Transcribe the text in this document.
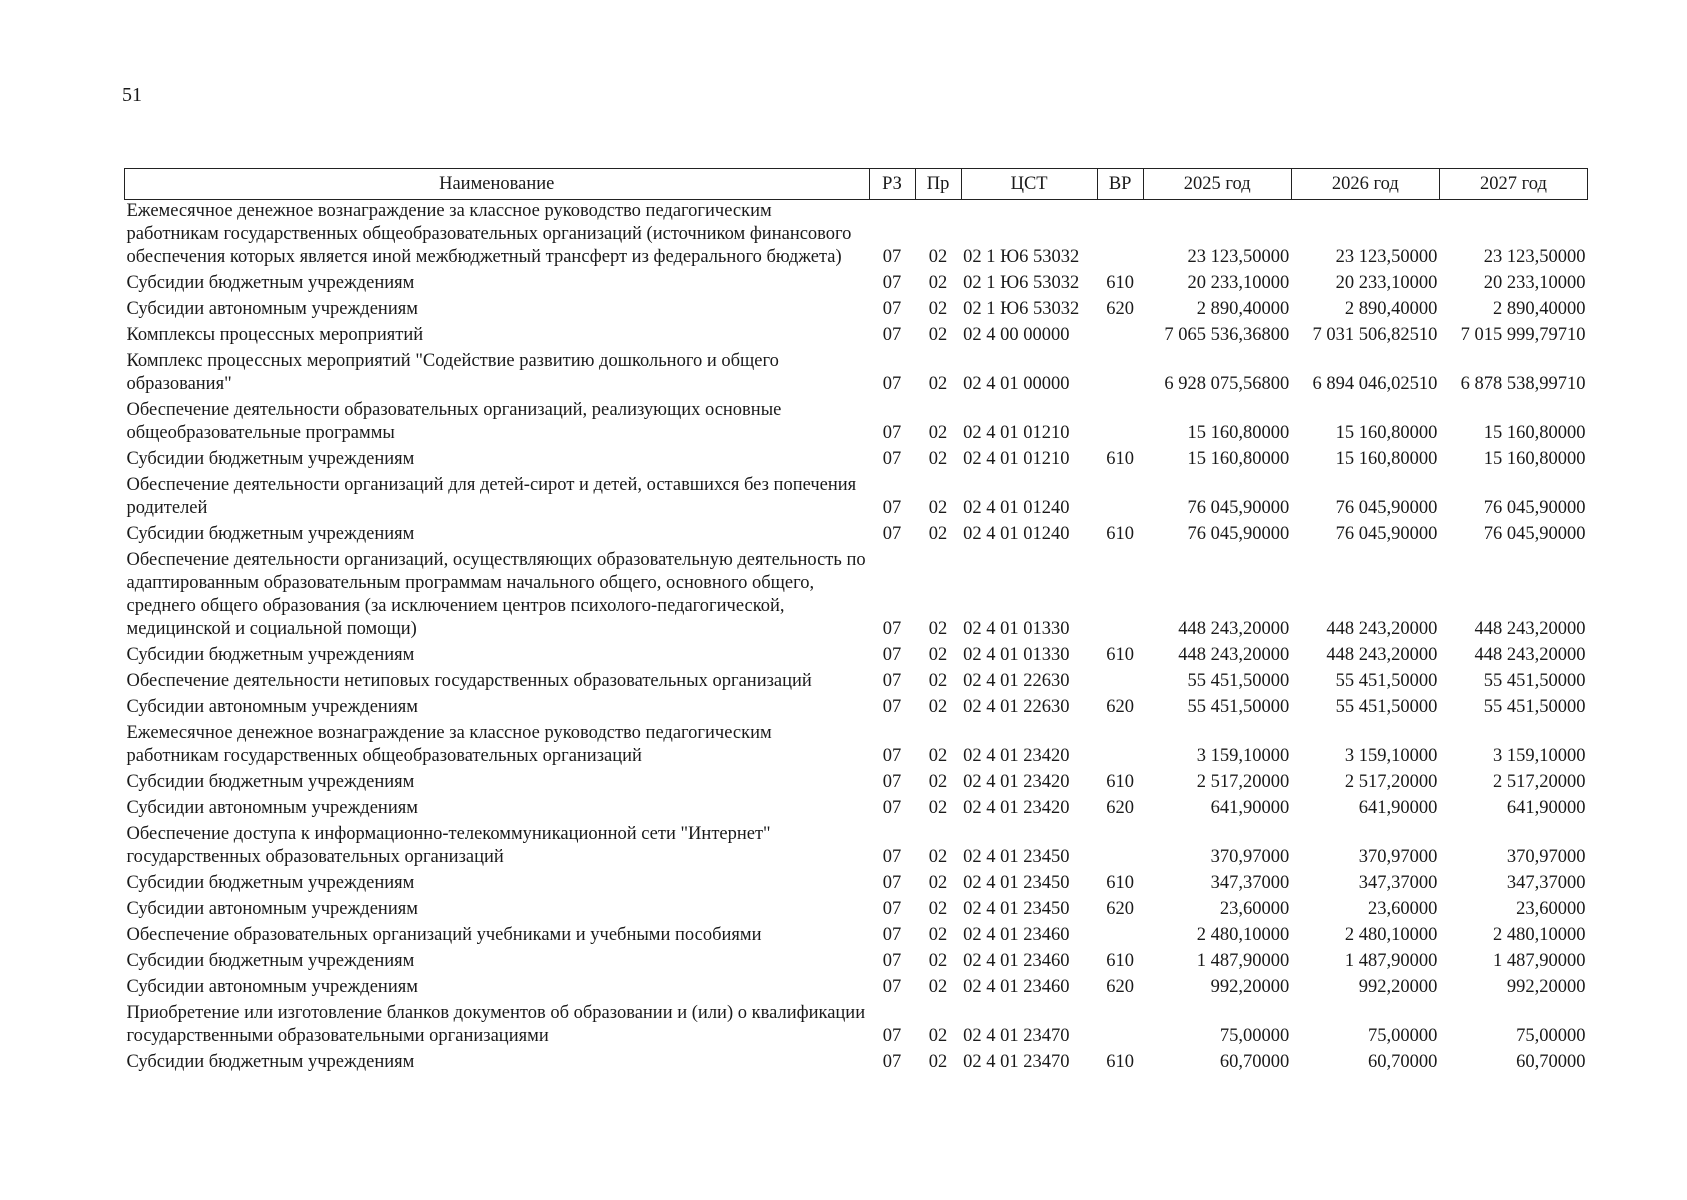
51
Наименование	РЗ	Пр	ЦСТ	ВР	2025 год	2026 год	2027 год
Ежемесячное денежное вознаграждение за классное руководство педагогическим работникам государственных общеобразовательных организаций (источником финансового обеспечения которых является иной межбюджетный трансферт из федерального бюджета)	07	02	02 1 Ю6 53032		23 123,50000	23 123,50000	23 123,50000
Субсидии бюджетным учреждениям	07	02	02 1 Ю6 53032	610	20 233,10000	20 233,10000	20 233,10000
Субсидии автономным учреждениям	07	02	02 1 Ю6 53032	620	2 890,40000	2 890,40000	2 890,40000
Комплексы процессных мероприятий	07	02	02 4 00 00000		7 065 536,36800	7 031 506,82510	7 015 999,79710
Комплекс процессных мероприятий "Содействие развитию дошкольного и общего образования"	07	02	02 4 01 00000		6 928 075,56800	6 894 046,02510	6 878 538,99710
Обеспечение деятельности образовательных организаций, реализующих основные общеобразовательные программы	07	02	02 4 01 01210		15 160,80000	15 160,80000	15 160,80000
Субсидии бюджетным учреждениям	07	02	02 4 01 01210	610	15 160,80000	15 160,80000	15 160,80000
Обеспечение деятельности организаций для детей-сирот и детей, оставшихся без попечения родителей	07	02	02 4 01 01240		76 045,90000	76 045,90000	76 045,90000
Субсидии бюджетным учреждениям	07	02	02 4 01 01240	610	76 045,90000	76 045,90000	76 045,90000
Обеспечение деятельности организаций, осуществляющих образовательную деятельность по адаптированным образовательным программам начального общего, основного общего, среднего общего образования (за исключением центров психолого-педагогической, медицинской и социальной помощи)	07	02	02 4 01 01330		448 243,20000	448 243,20000	448 243,20000
Субсидии бюджетным учреждениям	07	02	02 4 01 01330	610	448 243,20000	448 243,20000	448 243,20000
Обеспечение деятельности нетиповых государственных образовательных организаций	07	02	02 4 01 22630		55 451,50000	55 451,50000	55 451,50000
Субсидии автономным учреждениям	07	02	02 4 01 22630	620	55 451,50000	55 451,50000	55 451,50000
Ежемесячное денежное вознаграждение за классное руководство педагогическим работникам государственных общеобразовательных организаций	07	02	02 4 01 23420		3 159,10000	3 159,10000	3 159,10000
Субсидии бюджетным учреждениям	07	02	02 4 01 23420	610	2 517,20000	2 517,20000	2 517,20000
Субсидии автономным учреждениям	07	02	02 4 01 23420	620	641,90000	641,90000	641,90000
Обеспечение доступа к информационно-телекоммуникационной сети "Интернет" государственных образовательных организаций	07	02	02 4 01 23450		370,97000	370,97000	370,97000
Субсидии бюджетным учреждениям	07	02	02 4 01 23450	610	347,37000	347,37000	347,37000
Субсидии автономным учреждениям	07	02	02 4 01 23450	620	23,60000	23,60000	23,60000
Обеспечение образовательных организаций учебниками и учебными пособиями	07	02	02 4 01 23460		2 480,10000	2 480,10000	2 480,10000
Субсидии бюджетным учреждениям	07	02	02 4 01 23460	610	1 487,90000	1 487,90000	1 487,90000
Субсидии автономным учреждениям	07	02	02 4 01 23460	620	992,20000	992,20000	992,20000
Приобретение или изготовление бланков документов об образовании и (или) о квалификации государственными образовательными организациями	07	02	02 4 01 23470		75,00000	75,00000	75,00000
Субсидии бюджетным учреждениям	07	02	02 4 01 23470	610	60,70000	60,70000	60,70000
